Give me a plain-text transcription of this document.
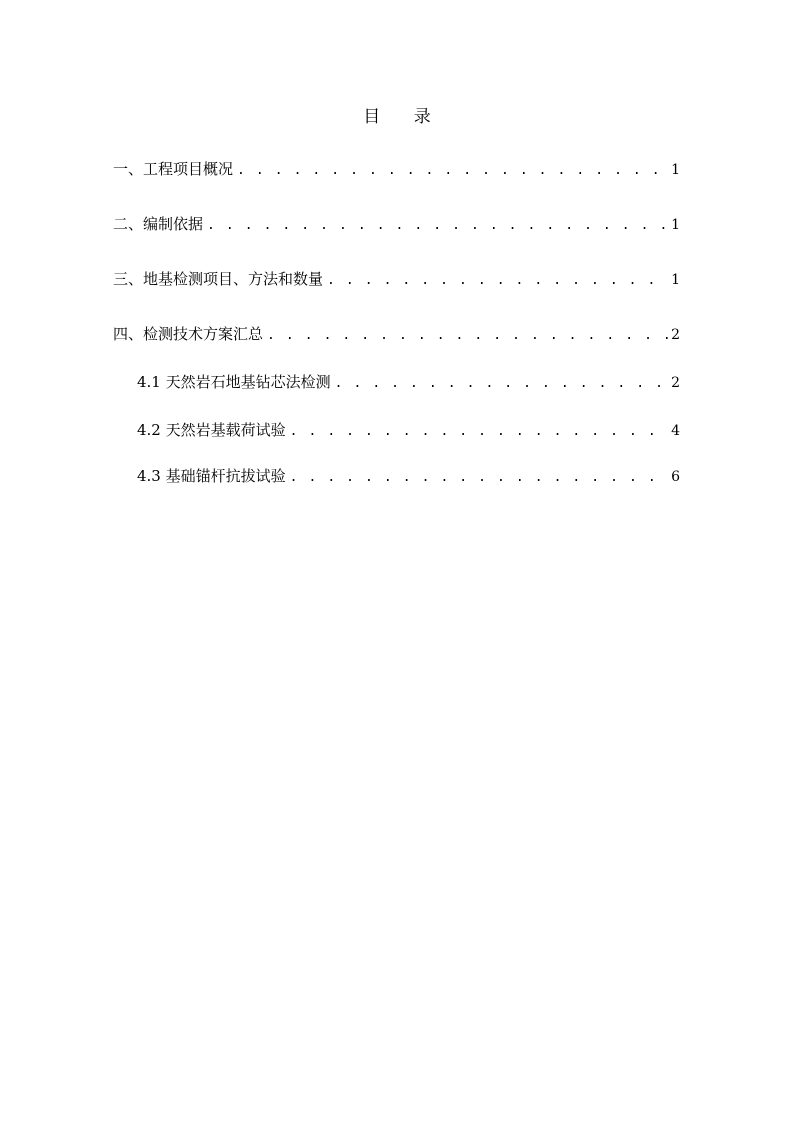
目 录
一、工程项目概况 . . .	1
二、编制依据 . . .	1
三、地基检测项目、方法和数量 . . .	1
四、检测技术方案汇总 . . .	2
4.1 天然岩石地基钻芯法检测 . . .	2
4.2 天然岩基载荷试验 . . .	4
4.3 基础锚杆抗拔试验 . . .	6
